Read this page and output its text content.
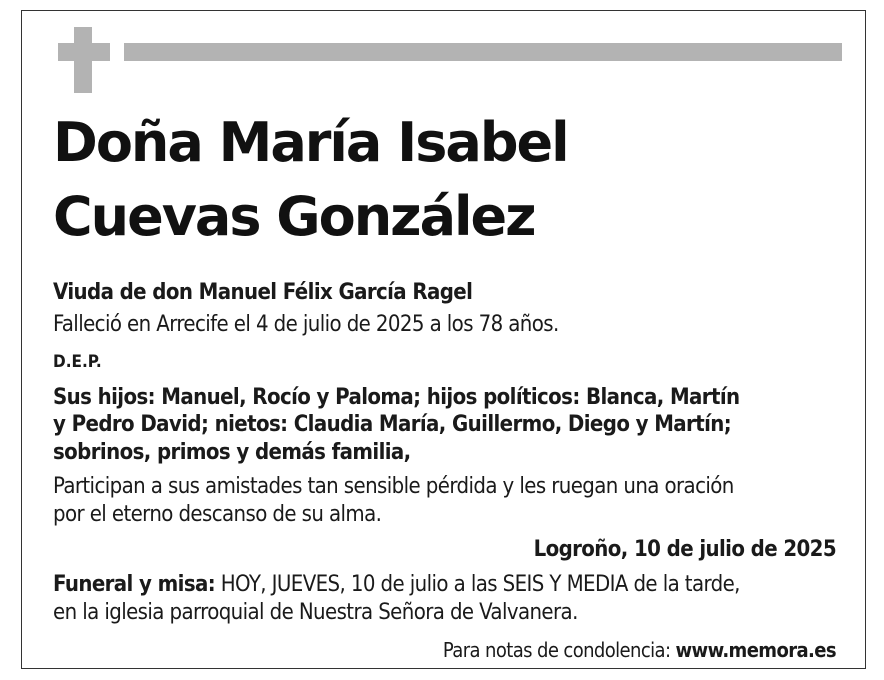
Doña María Isabel
Cuevas González
Viuda de don Manuel Félix García Ragel
Falleció en Arrecife el 4 de julio de 2025 a los 78 años.
D.E.P.
Sus hijos: Manuel, Rocío y Paloma; hijos políticos: Blanca, Martín
y Pedro David; nietos: Claudia María, Guillermo, Diego y Martín;
sobrinos, primos y demás familia,
Participan a sus amistades tan sensible pérdida y les ruegan una oración
por el eterno descanso de su alma.
Logroño, 10 de julio de 2025
Funeral y misa: HOY, JUEVES, 10 de julio a las SEIS Y MEDIA de la tarde,
en la iglesia parroquial de Nuestra Señora de Valvanera.
Para notas de condolencia: www.memora.es
